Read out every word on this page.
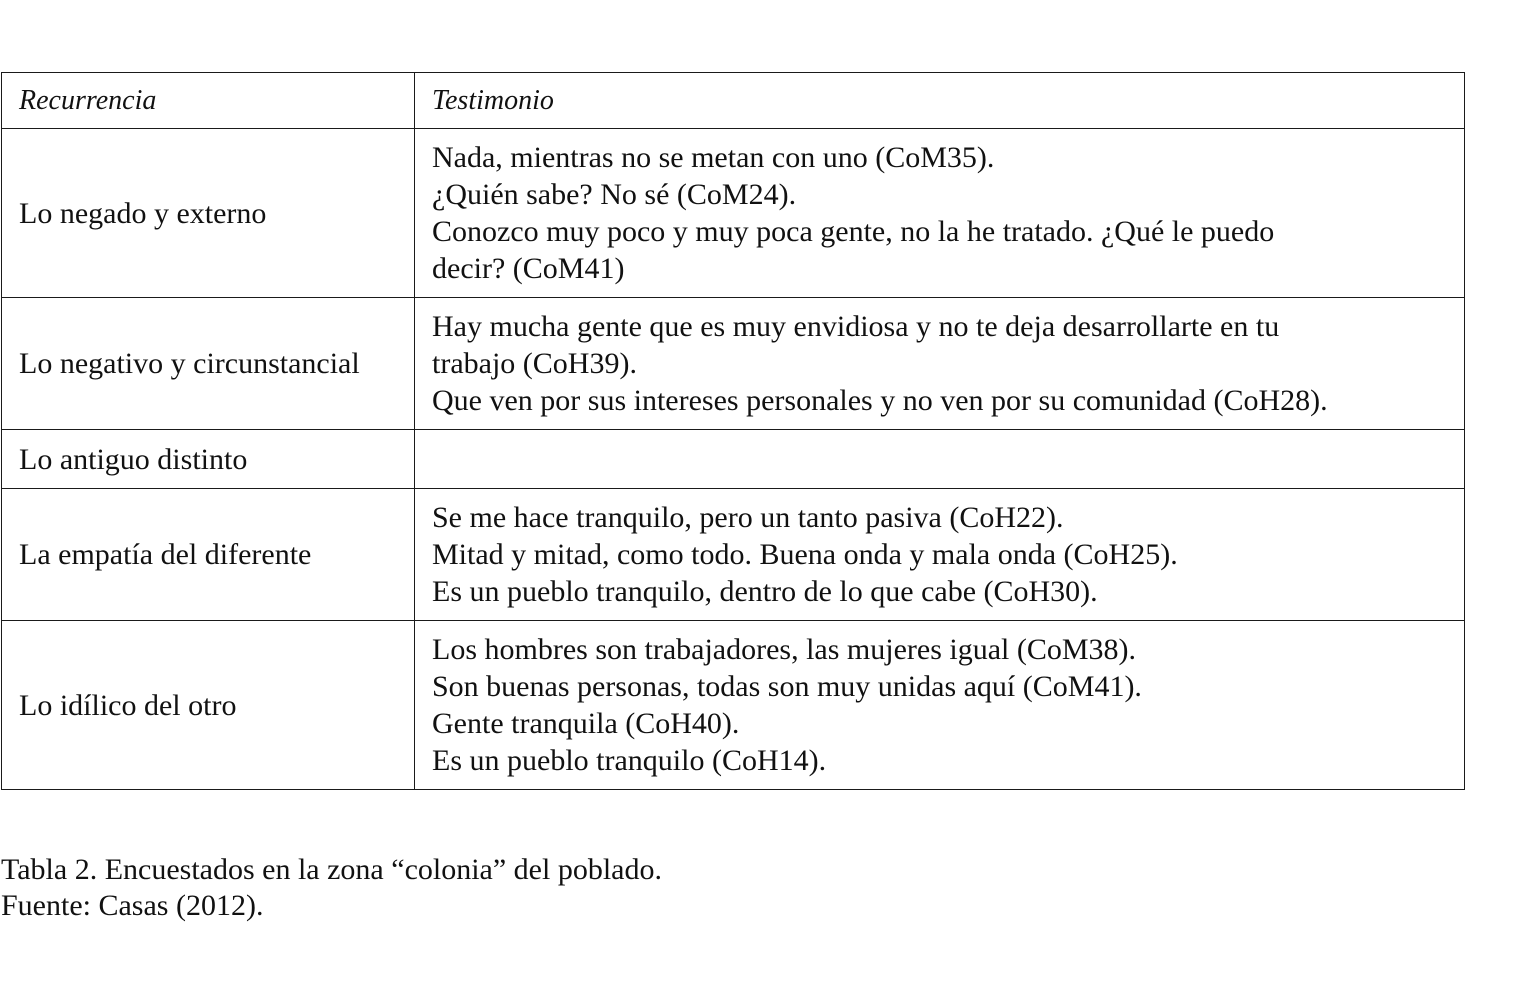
Recurrencia	Testimonio
Lo negado y externo	Nada, mientras no se metan con uno (CoM35).
¿Quién sabe? No sé (CoM24).
Conozco muy poco y muy poca gente, no la he tratado. ¿Qué le puedo
decir? (CoM41)

Lo negativo y circunstancial	Hay mucha gente que es muy envidiosa y no te deja desarrollarte en tu
trabajo (CoH39).
Que ven por sus intereses personales y no ven por su comunidad (CoH28).

Lo antiguo distinto	
La empatía del diferente	Se me hace tranquilo, pero un tanto pasiva (CoH22).
Mitad y mitad, como todo. Buena onda y mala onda (CoH25).
Es un pueblo tranquilo, dentro de lo que cabe (CoH30).

Lo idílico del otro	Los hombres son trabajadores, las mujeres igual (CoM38).
Son buenas personas, todas son muy unidas aquí (CoM41).
Gente tranquila (CoH40).
Es un pueblo tranquilo (CoH14).
Tabla 2. Encuestados en la zona “colonia” del poblado.
Fuente: Casas (2012).
